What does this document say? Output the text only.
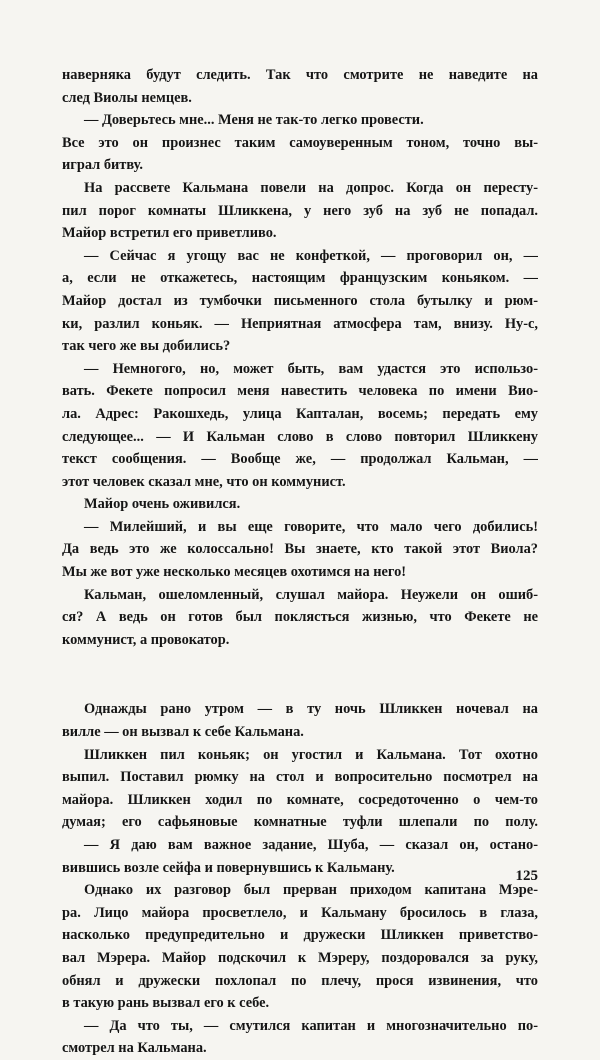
наверняка будут следить. Так что смотрите не наведите на
след Виолы немцев.
— Доверьтесь мне... Меня не так-то легко провести.
Все это он произнес таким самоуверенным тоном, точно вы-
играл битву.
На рассвете Кальмана повели на допрос. Когда он пересту-
пил порог комнаты Шликкена, у него зуб на зуб не попадал.
Майор встретил его приветливо.
— Сейчас я угощу вас не конфеткой, — проговорил он, —
а, если не откажетесь, настоящим французским коньяком. —
Майор достал из тумбочки письменного стола бутылку и рюм-
ки, разлил коньяк. — Неприятная атмосфера там, внизу. Ну-с,
так чего же вы добились?
— Немногого, но, может быть, вам удастся это использо-
вать. Фекете попросил меня навестить человека по имени Вио-
ла. Адрес: Ракошхедь, улица Капталан, восемь; передать ему
следующее... — И Кальман слово в слово повторил Шликкену
текст сообщения. — Вообще же, — продолжал Кальман, —
этот человек сказал мне, что он коммунист.
Майор очень оживился.
— Милейший, и вы еще говорите, что мало чего добились!
Да ведь это же колоссально! Вы знаете, кто такой этот Виола?
Мы же вот уже несколько месяцев охотимся на него!
Кальман, ошеломленный, слушал майора. Неужели он ошиб-
ся? А ведь он готов был поклясться жизнью, что Фекете не
коммунист, а провокатор.
Однажды рано утром — в ту ночь Шликкен ночевал на
вилле — он вызвал к себе Кальмана.
Шликкен пил коньяк; он угостил и Кальмана. Тот охотно
выпил. Поставил рюмку на стол и вопросительно посмотрел на
майора. Шликкен ходил по комнате, сосредоточенно о чем-то
думая; его сафьяновые комнатные туфли шлепали по полу.
— Я даю вам важное задание, Шуба, — сказал он, остано-
вившись возле сейфа и повернувшись к Кальману.
Однако их разговор был прерван приходом капитана Мэре-
ра. Лицо майора просветлело, и Кальману бросилось в глаза,
насколько предупредительно и дружески Шликкен приветство-
вал Мэрера. Майор подскочил к Мэреру, поздоровался за руку,
обнял и дружески похлопал по плечу, прося извинения, что
в такую рань вызвал его к себе.
— Да что ты, — смутился капитан и многозначительно по-
смотрел на Кальмана.
125
